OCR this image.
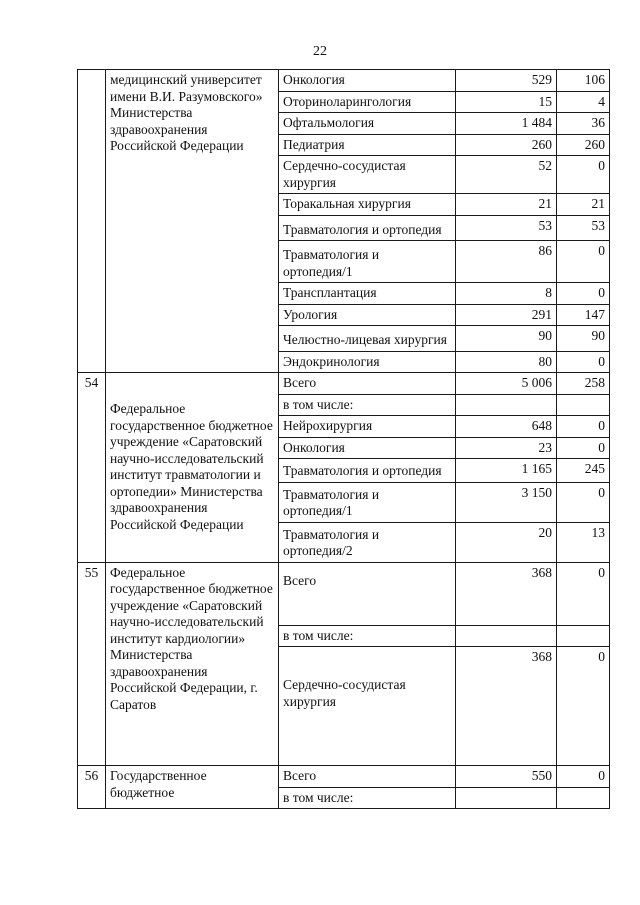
22
	медицинский университет имени В.И. Разумовского» Министерства здравоохранения Российской Федерации	Онкология	529	106
		Оториноларингология	15	4
		Офтальмология	1 484	36
		Педиатрия	260	260
		Сердечно-сосудистая хирургия	52	0
		Торакальная хирургия	21	21
		Травматология и ортопедия	53	53
		Травматология и ортопедия/1	86	0
		Трансплантация	8	0
		Урология	291	147
		Челюстно-лицевая хирургия	90	90
		Эндокринология	80	0
54	Федеральное государственное бюджетное учреждение «Саратовский научно-исследовательский институт травматологии и ортопедии» Министерства здравоохранения Российской Федерации	Всего	5 006	258
		в том числе:		
		Нейрохирургия	648	0
		Онкология	23	0
		Травматология и ортопедия	1 165	245
		Травматология и ортопедия/1	3 150	0
		Травматология и ортопедия/2	20	13
55	Федеральное государственное бюджетное учреждение «Саратовский научно-исследовательский институт кардиологии» Министерства здравоохранения Российской Федерации, г. Саратов	Всего	368	0
		в том числе:		
		Сердечно-сосудистая хирургия	368	0
56	Государственное бюджетное	Всего	550	0
		в том числе:		
